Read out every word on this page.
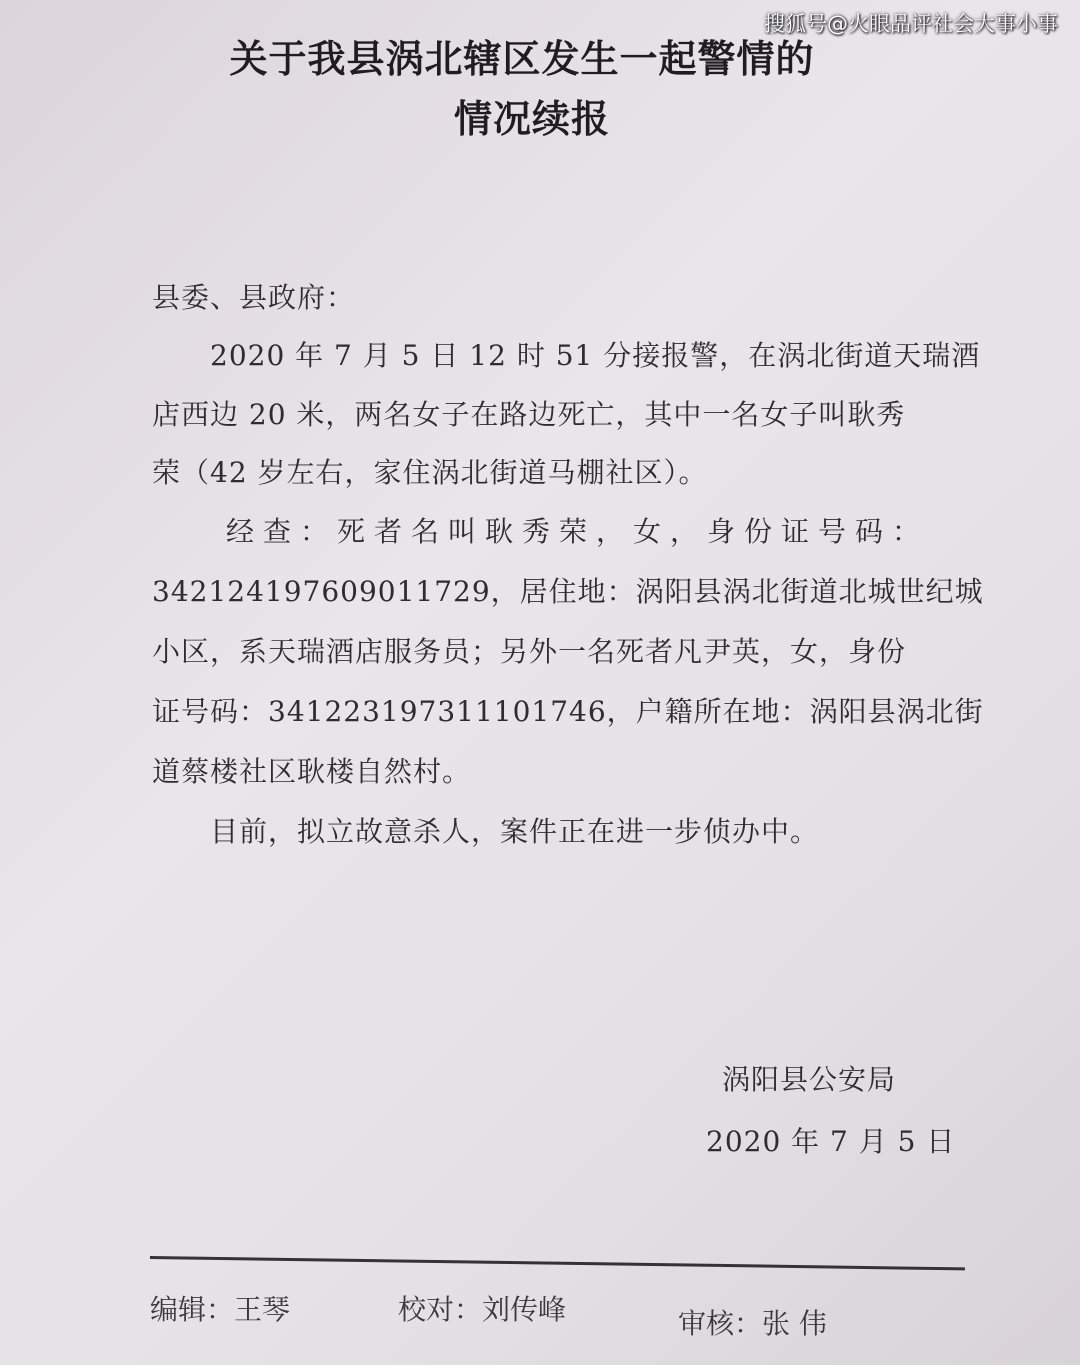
搜狐号@火眼品评社会大事小事
关于我县涡北辖区发生一起警情的
情况续报
县委、县政府：
　　2020 年 7 月 5 日 12 时 51 分接报警，在涡北街道天瑞酒
店西边 20 米，两名女子在路边死亡，其中一名女子叫耿秀
荣（42 岁左右，家住涡北街道马棚社区）。
　　经查：死者名叫耿秀荣，女，身份证号码：
342124197609011729，居住地：涡阳县涡北街道北城世纪城
小区，系天瑞酒店服务员；另外一名死者凡尹英，女，身份
证号码：341223197311101746，户籍所在地：涡阳县涡北街
道蔡楼社区耿楼自然村。
　　目前，拟立故意杀人，案件正在进一步侦办中。
涡阳县公安局
2020 年 7 月 5 日
编辑：王琴	校对：刘传峰	审核：张 伟
